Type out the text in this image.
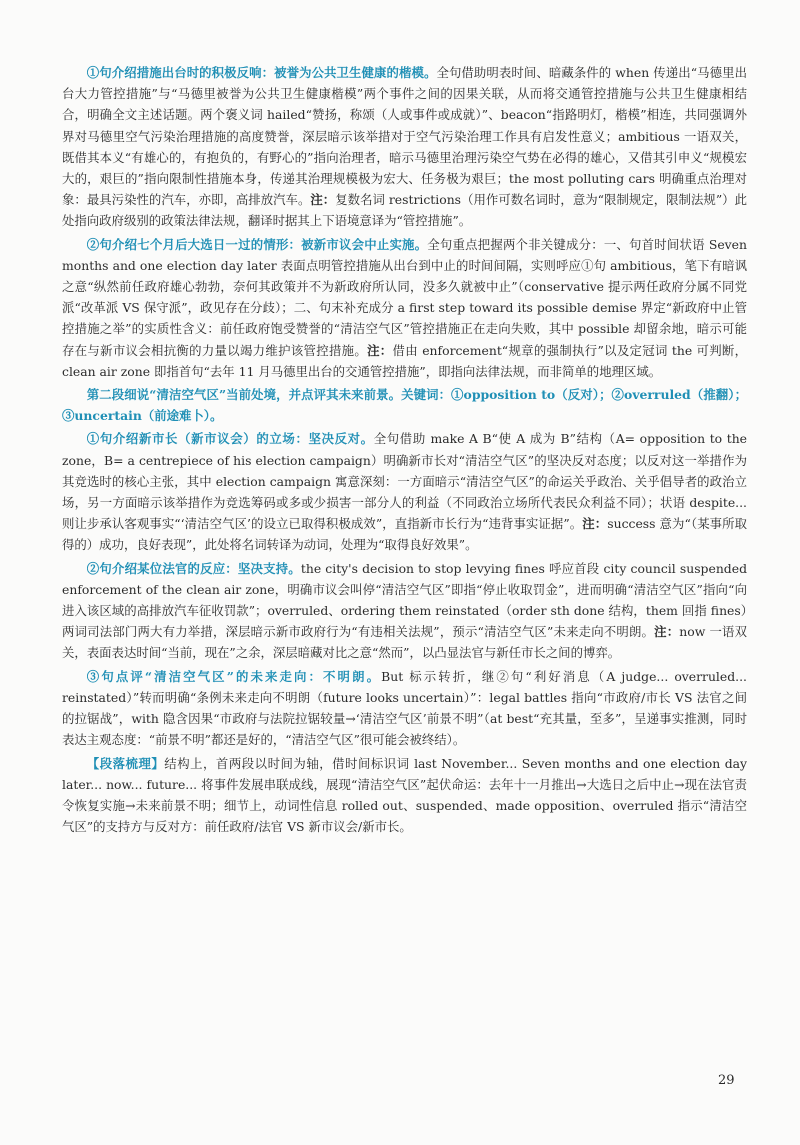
①句介绍措施出台时的积极反响：被誉为公共卫生健康的楷模。全句借助明表时间、暗藏条件的 when 传递出“马德里出台大力管控措施”与“马德里被誉为公共卫生健康楷模”两个事件之间的因果关联，从而将交通管控措施与公共卫生健康相结合，明确全文主述话题。两个褒义词 hailed“赞扬，称颂（人或事件或成就）”、beacon“指路明灯，楷模”相连，共同强调外界对马德里空气污染治理措施的高度赞誉，深层暗示该举措对于空气污染治理工作具有启发性意义；ambitious 一语双关，既借其本义“有雄心的，有抱负的，有野心的”指向治理者，暗示马德里治理污染空气势在必得的雄心，又借其引申义“规模宏大的，艰巨的”指向限制性措施本身，传递其治理规模极为宏大、任务极为艰巨；the most polluting cars 明确重点治理对象：最具污染性的汽车，亦即，高排放汽车。注：复数名词 restrictions（用作可数名词时，意为“限制规定，限制法规”）此处指向政府级别的政策法律法规，翻译时据其上下语境意译为“管控措施”。

②句介绍七个月后大选日一过的情形：被新市议会中止实施。全句重点把握两个非关键成分：一、句首时间状语 Seven months and one election day later 表面点明管控措施从出台到中止的时间间隔，实则呼应①句 ambitious，笔下有暗讽之意“纵然前任政府雄心勃勃，奈何其政策并不为新政府所认同，没多久就被中止”（conservative 提示两任政府分属不同党派“改革派 VS 保守派”，政见存在分歧）；二、句末补充成分 a first step toward its possible demise 界定“新政府中止管控措施之举”的实质性含义：前任政府饱受赞誉的“清洁空气区”管控措施正在走向失败，其中 possible 却留余地，暗示可能存在与新市议会相抗衡的力量以竭力维护该管控措施。注：借由 enforcement“规章的强制执行”以及定冠词 the 可判断，clean air zone 即指首句“去年 11 月马德里出台的交通管控措施”，即指向法律法规，而非简单的地理区域。

第二段细说“清洁空气区”当前处境，并点评其未来前景。关键词：①opposition to（反对）；②overruled（推翻）；③uncertain（前途难卜）。

①句介绍新市长（新市议会）的立场：坚决反对。全句借助 make A B“使 A 成为 B”结构（A= opposition to the zone，B= a centrepiece of his election campaign）明确新市长对“清洁空气区”的坚决反对态度；以反对这一举措作为其竞选时的核心主张，其中 election campaign 寓意深刻：一方面暗示“清洁空气区”的命运关乎政治、关乎倡导者的政治立场，另一方面暗示该举措作为竞选筹码或多或少损害一部分人的利益（不同政治立场所代表民众利益不同）；状语 despite... 则让步承认客观事实“‘清洁空气区’的设立已取得积极成效”，直指新市长行为“违背事实证据”。注：success 意为“（某事所取得的）成功，良好表现”，此处将名词转译为动词，处理为“取得良好效果”。

②句介绍某位法官的反应：坚决支持。the city's decision to stop levying fines 呼应首段 city council suspended enforcement of the clean air zone，明确市议会叫停“清洁空气区”即指“停止收取罚金”，进而明确“清洁空气区”指向“向进入该区域的高排放汽车征收罚款”；overruled、ordering them reinstated（order sth done 结构，them 回指 fines）两词司法部门两大有力举措，深层暗示新市政府行为“有违相关法规”，预示“清洁空气区”未来走向不明朗。注：now 一语双关，表面表达时间“当前，现在”之余，深层暗藏对比之意“然而”，以凸显法官与新任市长之间的博弈。

③句点评“清洁空气区”的未来走向：不明朗。But 标示转折，继②句“利好消息（A judge... overruled... reinstated）”转而明确“条例未来走向不明朗（future looks uncertain）”：legal battles 指向“市政府/市长 VS 法官之间的拉锯战”，with 隐含因果“市政府与法院拉锯较量→‘清洁空气区’前景不明”（at best“充其量，至多”，呈递事实推测，同时表达主观态度：“前景不明”都还是好的，“清洁空气区”很可能会被终结）。

【段落梳理】结构上，首两段以时间为轴，借时间标识词 last November... Seven months and one election day later... now... future... 将事件发展串联成线，展现“清洁空气区”起伏命运：去年十一月推出→大选日之后中止→现在法官责令恢复实施→未来前景不明；细节上，动词性信息 rolled out、suspended、made opposition、overruled 指示“清洁空气区”的支持方与反对方：前任政府/法官 VS 新市议会/新市长。

29
